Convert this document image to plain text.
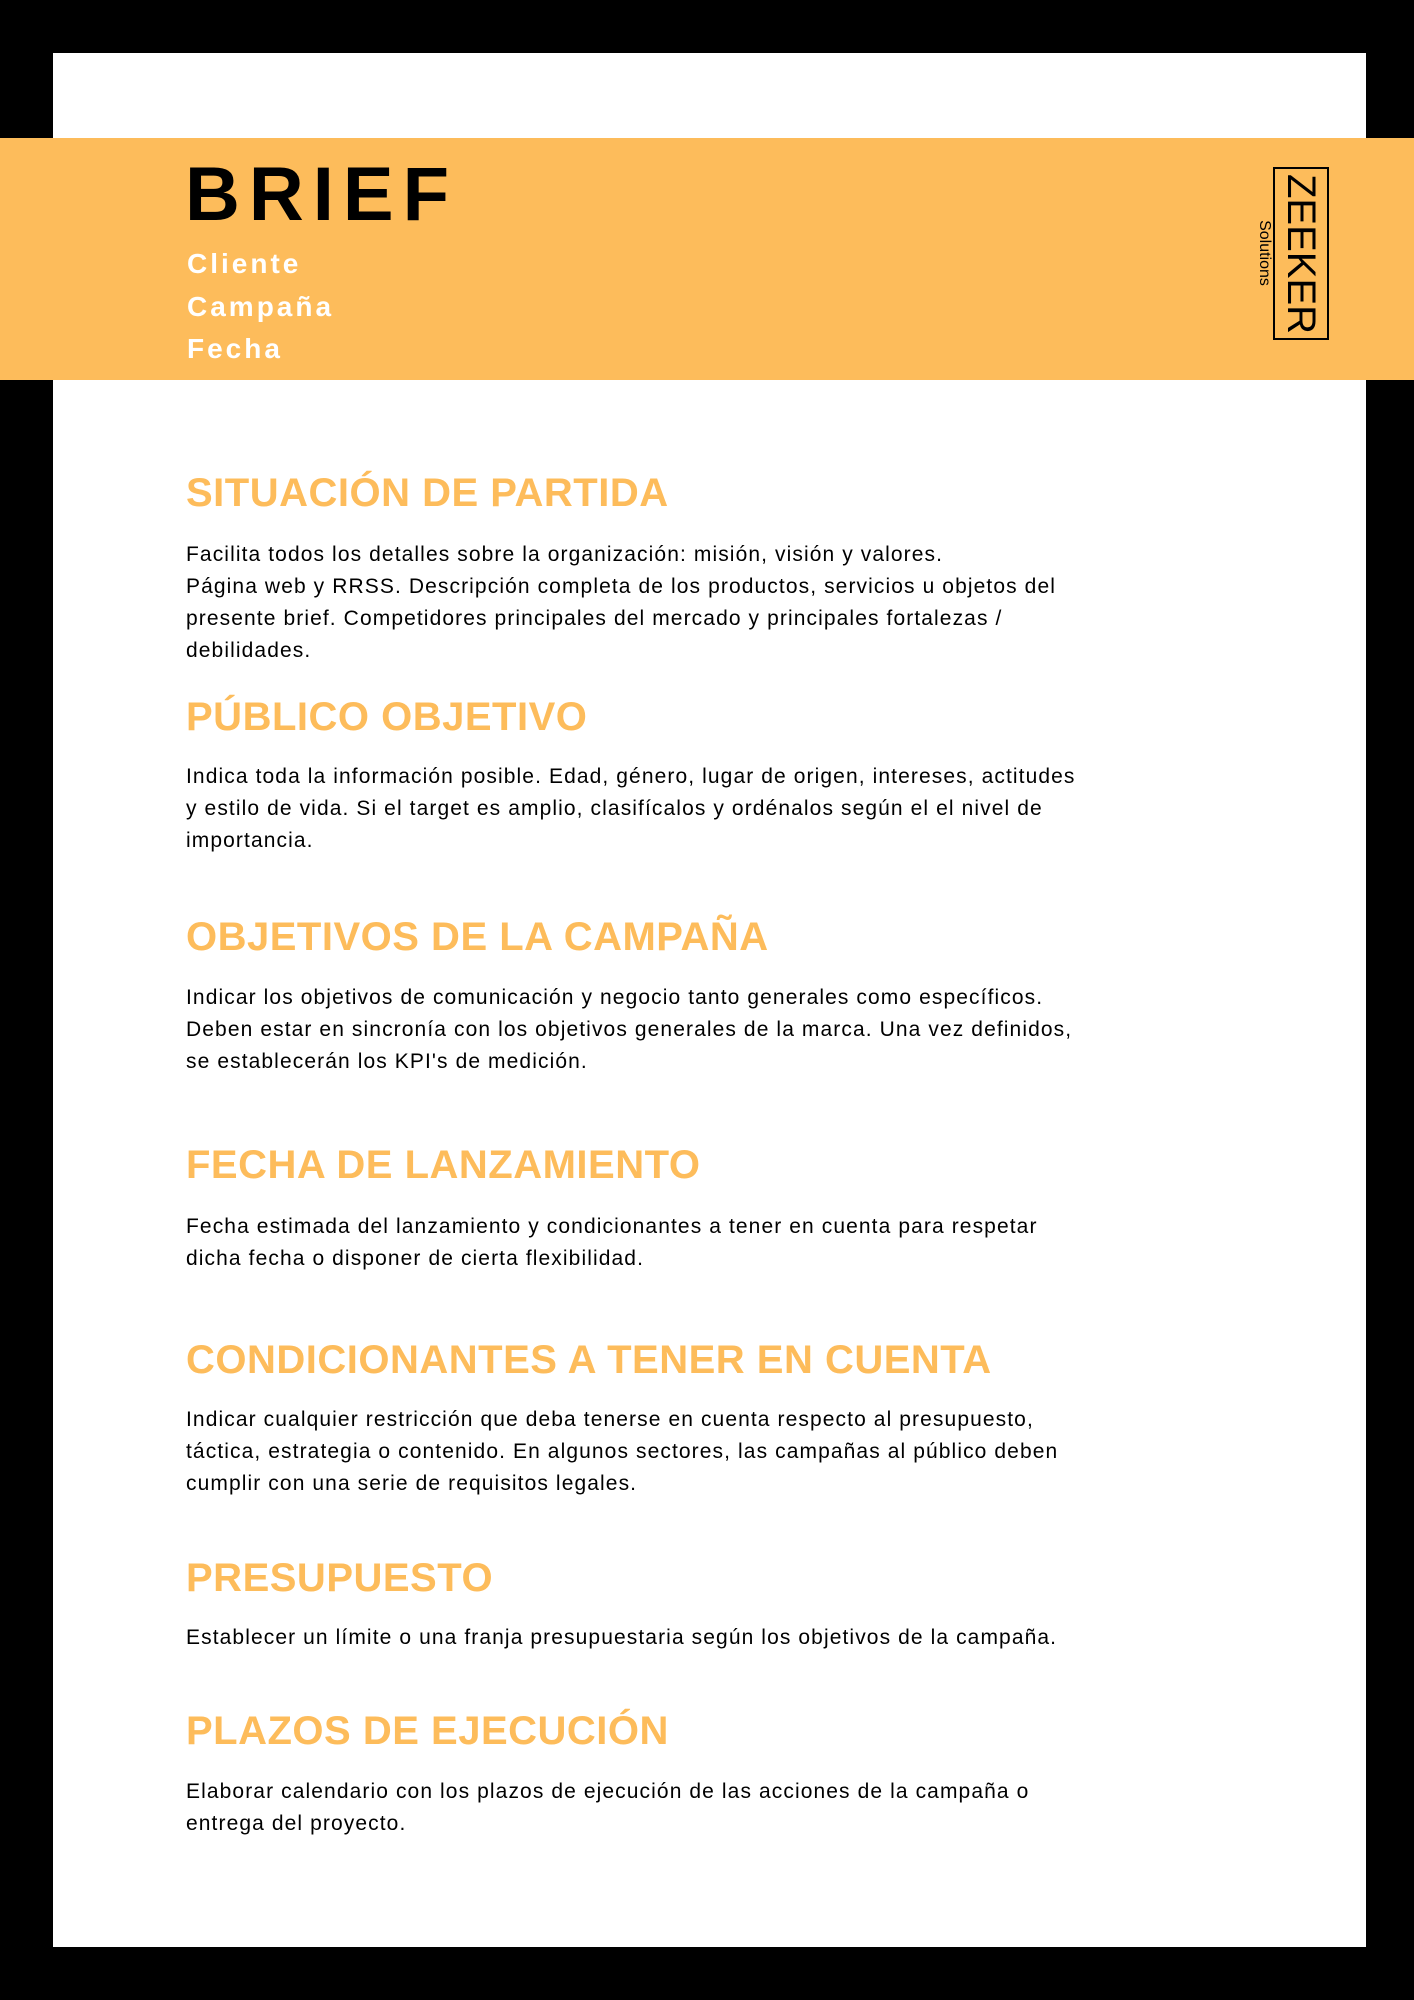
BRIEF
Cliente
Campaña
Fecha
ZEEKER
Solutions
SITUACIÓN DE PARTIDA
Facilita todos los detalles sobre la organización: misión, visión y valores.
Página web y RRSS. Descripción completa de los productos, servicios u objetos del
presente brief. Competidores principales del mercado y principales fortalezas /
debilidades.
PÚBLICO OBJETIVO
Indica toda la información posible. Edad, género, lugar de origen, intereses, actitudes
y estilo de vida. Si el target es amplio, clasifícalos y ordénalos según el el nivel de
importancia.
OBJETIVOS DE LA CAMPAÑA
Indicar los objetivos de comunicación y negocio tanto generales como específicos.
Deben estar en sincronía con los objetivos generales de la marca. Una vez definidos,
se establecerán los KPI's de medición.
FECHA DE LANZAMIENTO
Fecha estimada del lanzamiento y condicionantes a tener en cuenta para respetar
dicha fecha o disponer de cierta flexibilidad.
CONDICIONANTES A TENER EN CUENTA
Indicar cualquier restricción que deba tenerse en cuenta respecto al presupuesto,
táctica, estrategia o contenido. En algunos sectores, las campañas al público deben
cumplir con una serie de requisitos legales.
PRESUPUESTO
Establecer un límite o una franja presupuestaria según los objetivos de la campaña.
PLAZOS DE EJECUCIÓN
Elaborar calendario con los plazos de ejecución de las acciones de la campaña o
entrega del proyecto.
